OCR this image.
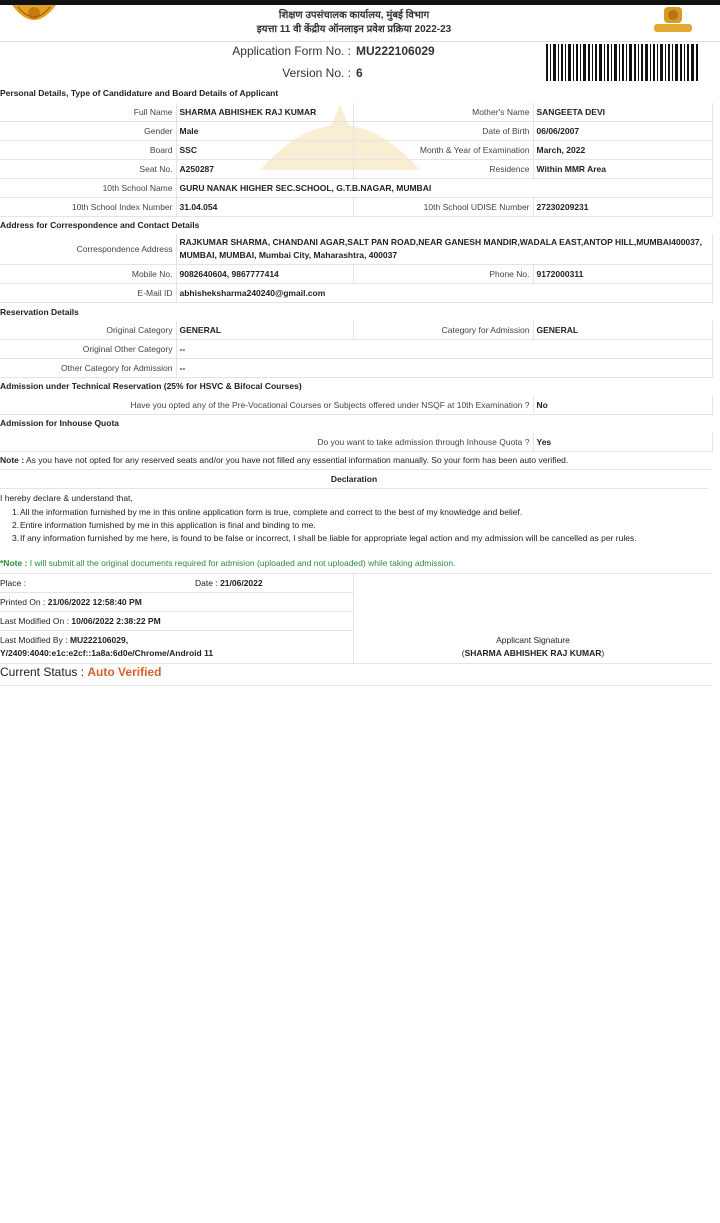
शिक्षण उपसंचालक कार्यालय, मुंबई विभाग
इयत्ता 11 वी केंद्रीय ऑनलाइन प्रवेश प्रक्रिया 2022-23
Application Form No. : MU222106029
Version No. : 6
Personal Details, Type of Candidature and Board Details of Applicant
Full Name	SHARMA ABHISHEK RAJ KUMAR	Mother's Name	SANGEETA DEVI
Gender	Male	Date of Birth	06/06/2007
Board	SSC	Month & Year of Examination	March, 2022
Seat No.	A250287	Residence	Within MMR Area
10th School Name	GURU NANAK HIGHER SEC.SCHOOL, G.T.B.NAGAR, MUMBAI		
10th School Index Number	31.04.054	10th School UDISE Number	27230209231
Address for Correspondence and Contact Details
Correspondence Address	RAJKUMAR SHARMA, CHANDANI AGAR,SALT PAN ROAD,NEAR GANESH MANDIR,WADALA EAST,ANTOP HILL,MUMBAI400037, MUMBAI, MUMBAI, Mumbai City, Maharashtra, 400037		
Mobile No.	9082640604, 9867777414	Phone No.	9172000311
E-Mail ID	abhisheksharma240240@gmail.com		
Reservation Details
Original Category	GENERAL	Category for Admission	GENERAL
Original Other Category	--		
Other Category for Admission	--		
Admission under Technical Reservation (25% for HSVC & Bifocal Courses)
Have you opted any of the Pre-Vocational Courses or Subjects offered under NSQF at 10th Examination ?	No
Admission for Inhouse Quota
Do you want to take admission through Inhouse Quota ?	Yes
Note : As you have not opted for any reserved seats and/or you have not filled any essential information manually. So your form has been auto verified.
Declaration
I hereby declare & understand that,
1. All the information furnished by me in this online application form is true, complete and correct to the best of my knowledge and belief.
2. Entire information furnished by me in this application is final and binding to me.
3. If any information furnished by me here, is found to be false or incorrect, I shall be liable for appropriate legal action and my admission will be cancelled as per rules.
*Note : I will submit all the original documents required for admision (uploaded and not uploaded) while taking admission.
Place :	Date : 21/06/2022
Printed On : 21/06/2022 12:58:40 PM
Last Modified On : 10/06/2022 2:38:22 PM
Last Modified By : MU222106029,
Y/2409:4040:e1c:e2cf::1a8a:6d0e/Chrome/Android 11
Applicant Signature
(SHARMA ABHISHEK RAJ KUMAR)
Current Status : Auto Verified
